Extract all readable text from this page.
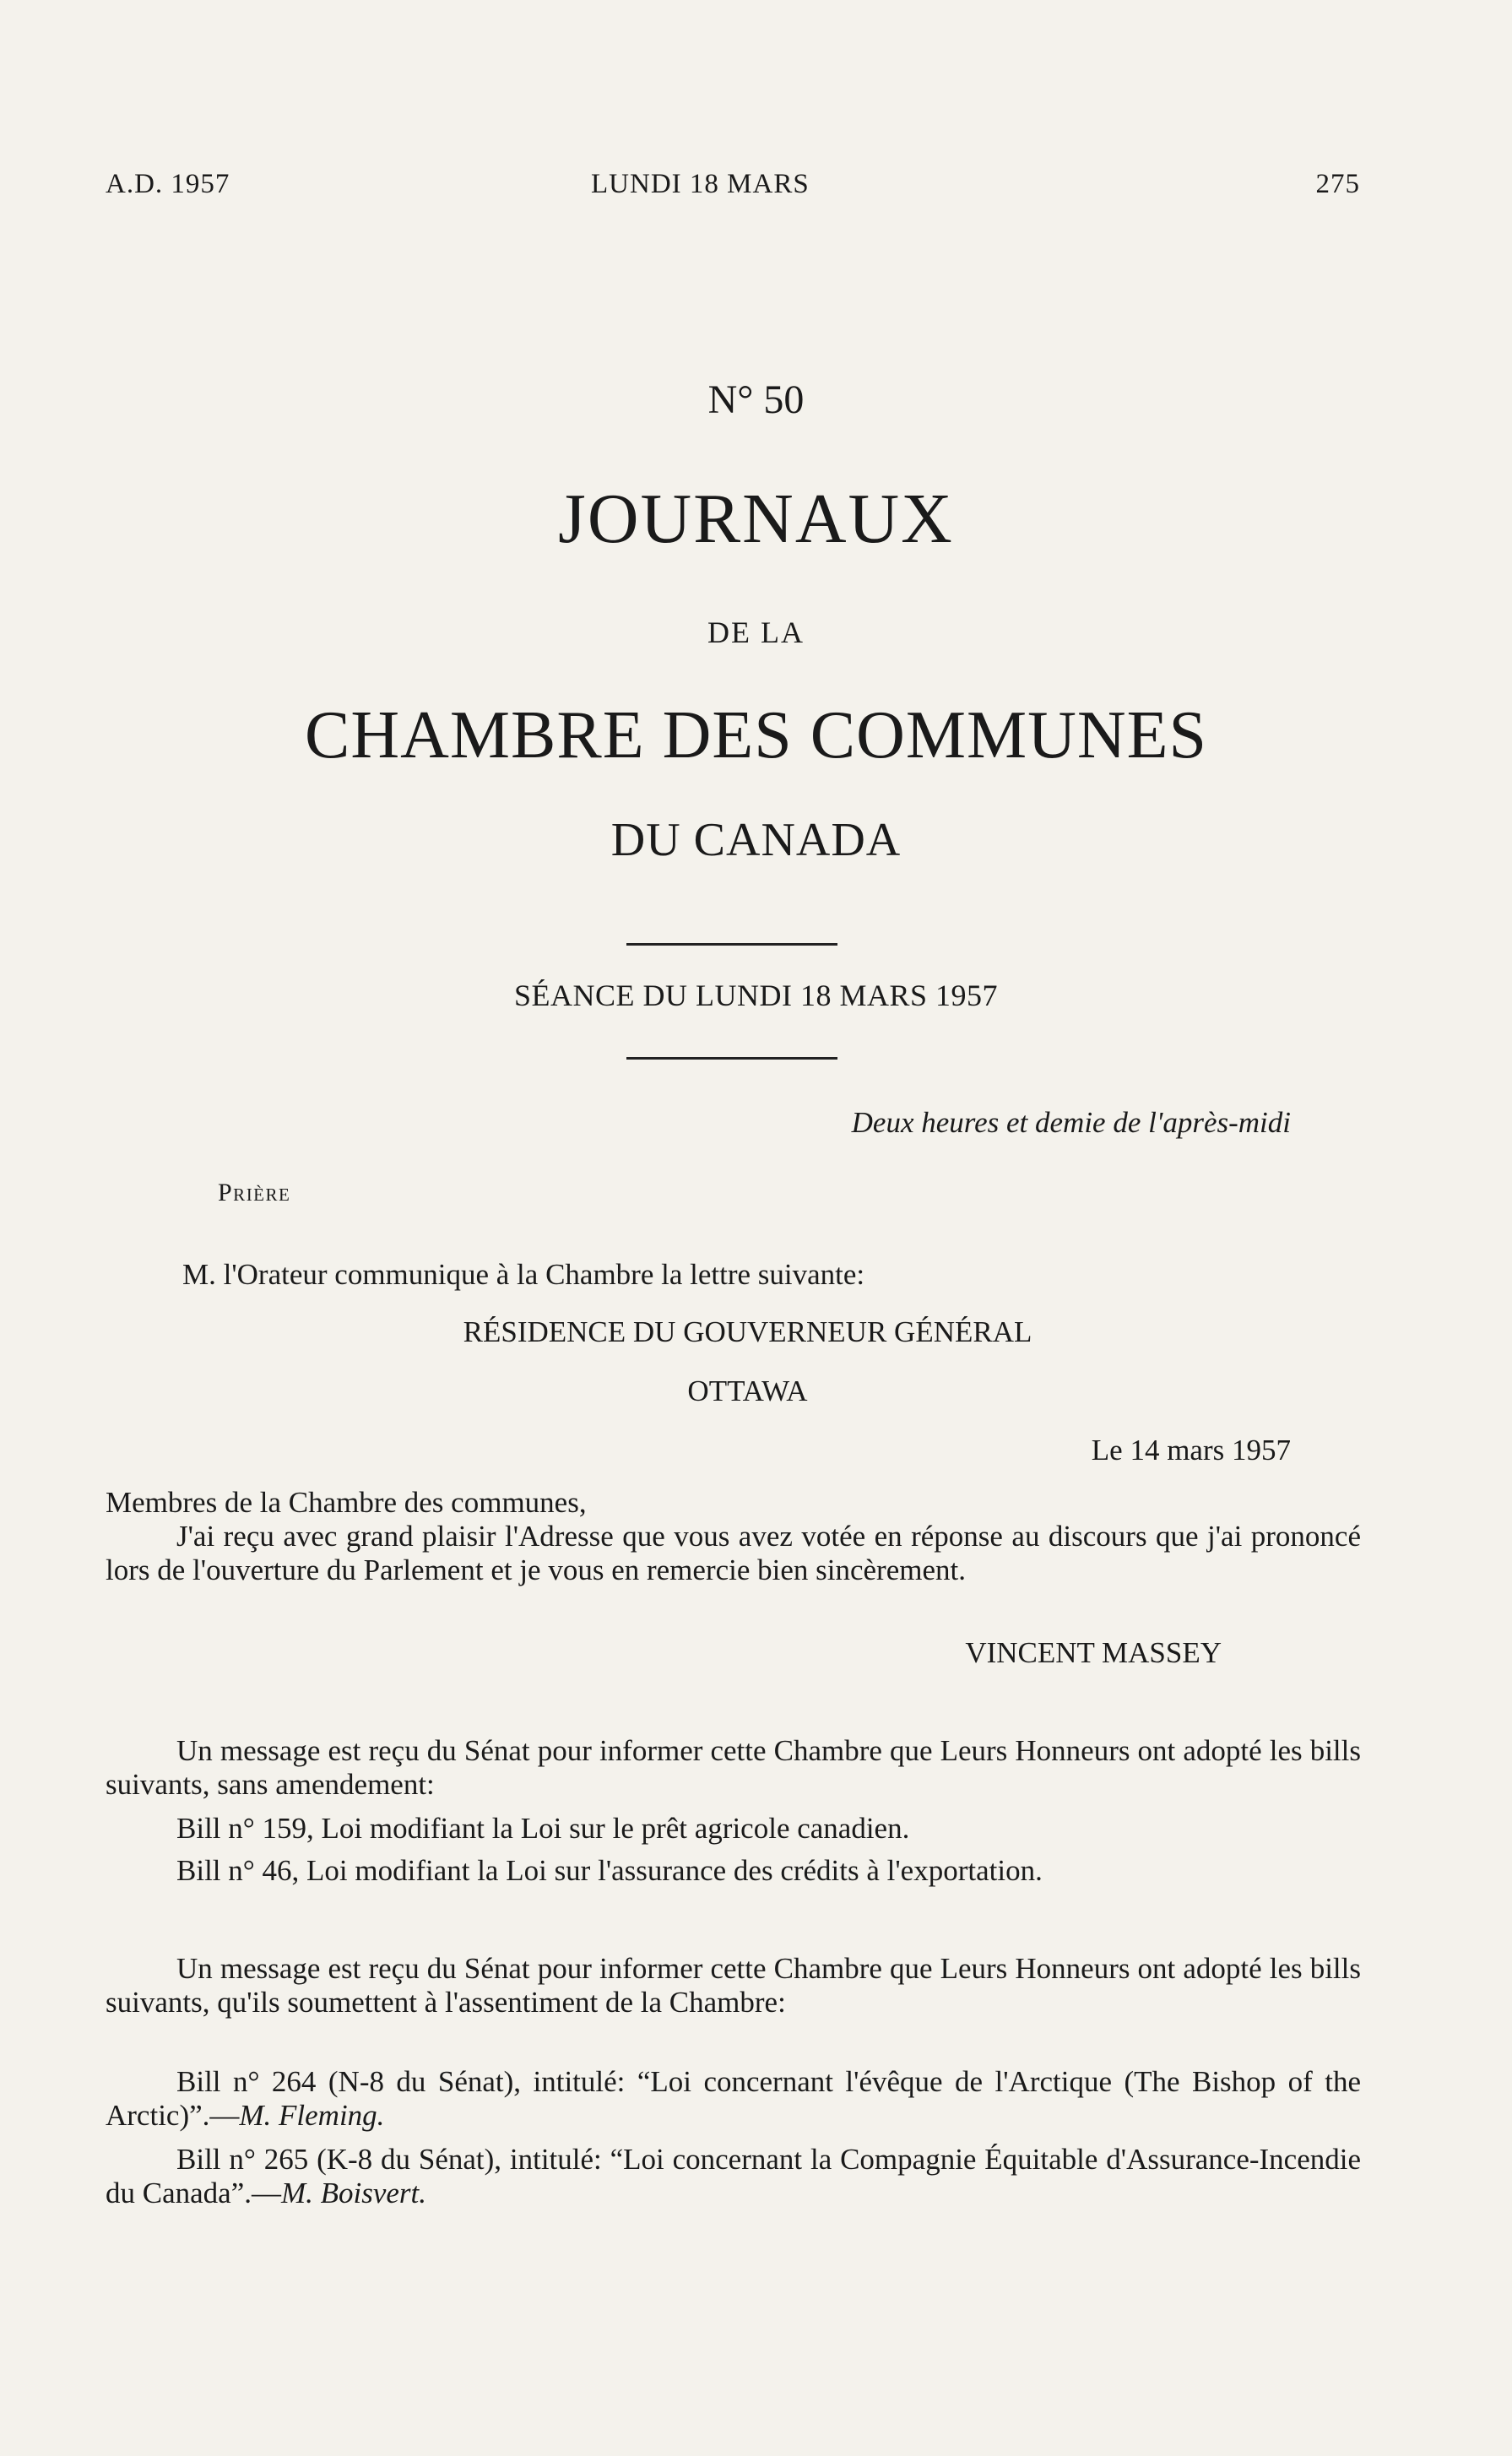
A.D. 1957	LUNDI 18 MARS	275
N° 50
JOURNAUX
DE LA
CHAMBRE DES COMMUNES
DU CANADA
SÉANCE DU LUNDI 18 MARS 1957
Deux heures et demie de l'après-midi
Prière
M. l'Orateur communique à la Chambre la lettre suivante:
RÉSIDENCE DU GOUVERNEUR GÉNÉRAL
OTTAWA
Le 14 mars 1957
Membres de la Chambre des communes,
J'ai reçu avec grand plaisir l'Adresse que vous avez votée en réponse au discours que j'ai prononcé lors de l'ouverture du Parlement et je vous en remercie bien sincèrement.
VINCENT MASSEY
Un message est reçu du Sénat pour informer cette Chambre que Leurs Honneurs ont adopté les bills suivants, sans amendement:
Bill n° 159, Loi modifiant la Loi sur le prêt agricole canadien.
Bill n° 46, Loi modifiant la Loi sur l'assurance des crédits à l'exportation.
Un message est reçu du Sénat pour informer cette Chambre que Leurs Honneurs ont adopté les bills suivants, qu'ils soumettent à l'assentiment de la Chambre:
Bill n° 264 (N-8 du Sénat), intitulé: “Loi concernant l'évêque de l'Arctique (The Bishop of the Arctic)”.—M. Fleming.
Bill n° 265 (K-8 du Sénat), intitulé: “Loi concernant la Compagnie Équitable d'Assurance-Incendie du Canada”.—M. Boisvert.
